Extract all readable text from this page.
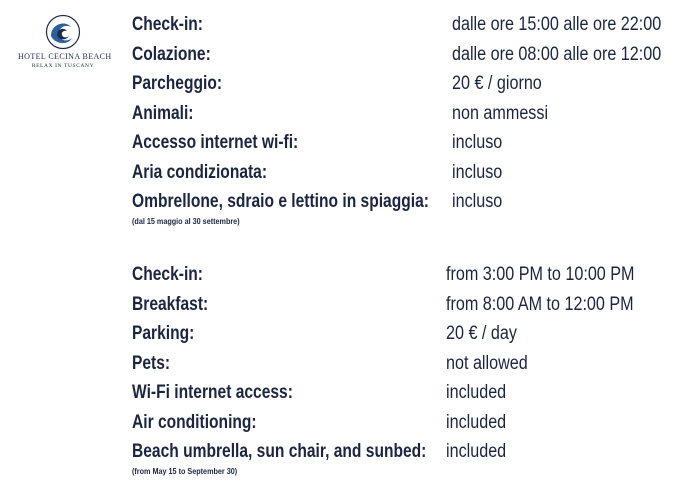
HOTEL CECINA BEACH
RELAX IN TUSCANY
Check-in:	dalle ore 15:00 alle ore 22:00
Colazione:	dalle ore 08:00 alle ore 12:00
Parcheggio:	20 € / giorno
Animali:	non ammessi
Accesso internet wi-fi:	incluso
Aria condizionata:	incluso
Ombrellone, sdraio e lettino in spiaggia: incluso
(dal 15 maggio al 30 settembre)
Check-in:	from 3:00 PM to 10:00 PM
Breakfast:	from 8:00 AM to 12:00 PM
Parking:	20 € / day
Pets:	not allowed
Wi-Fi internet access:	included
Air conditioning:	included
Beach umbrella, sun chair, and sunbed: included
(from May 15 to September 30)
